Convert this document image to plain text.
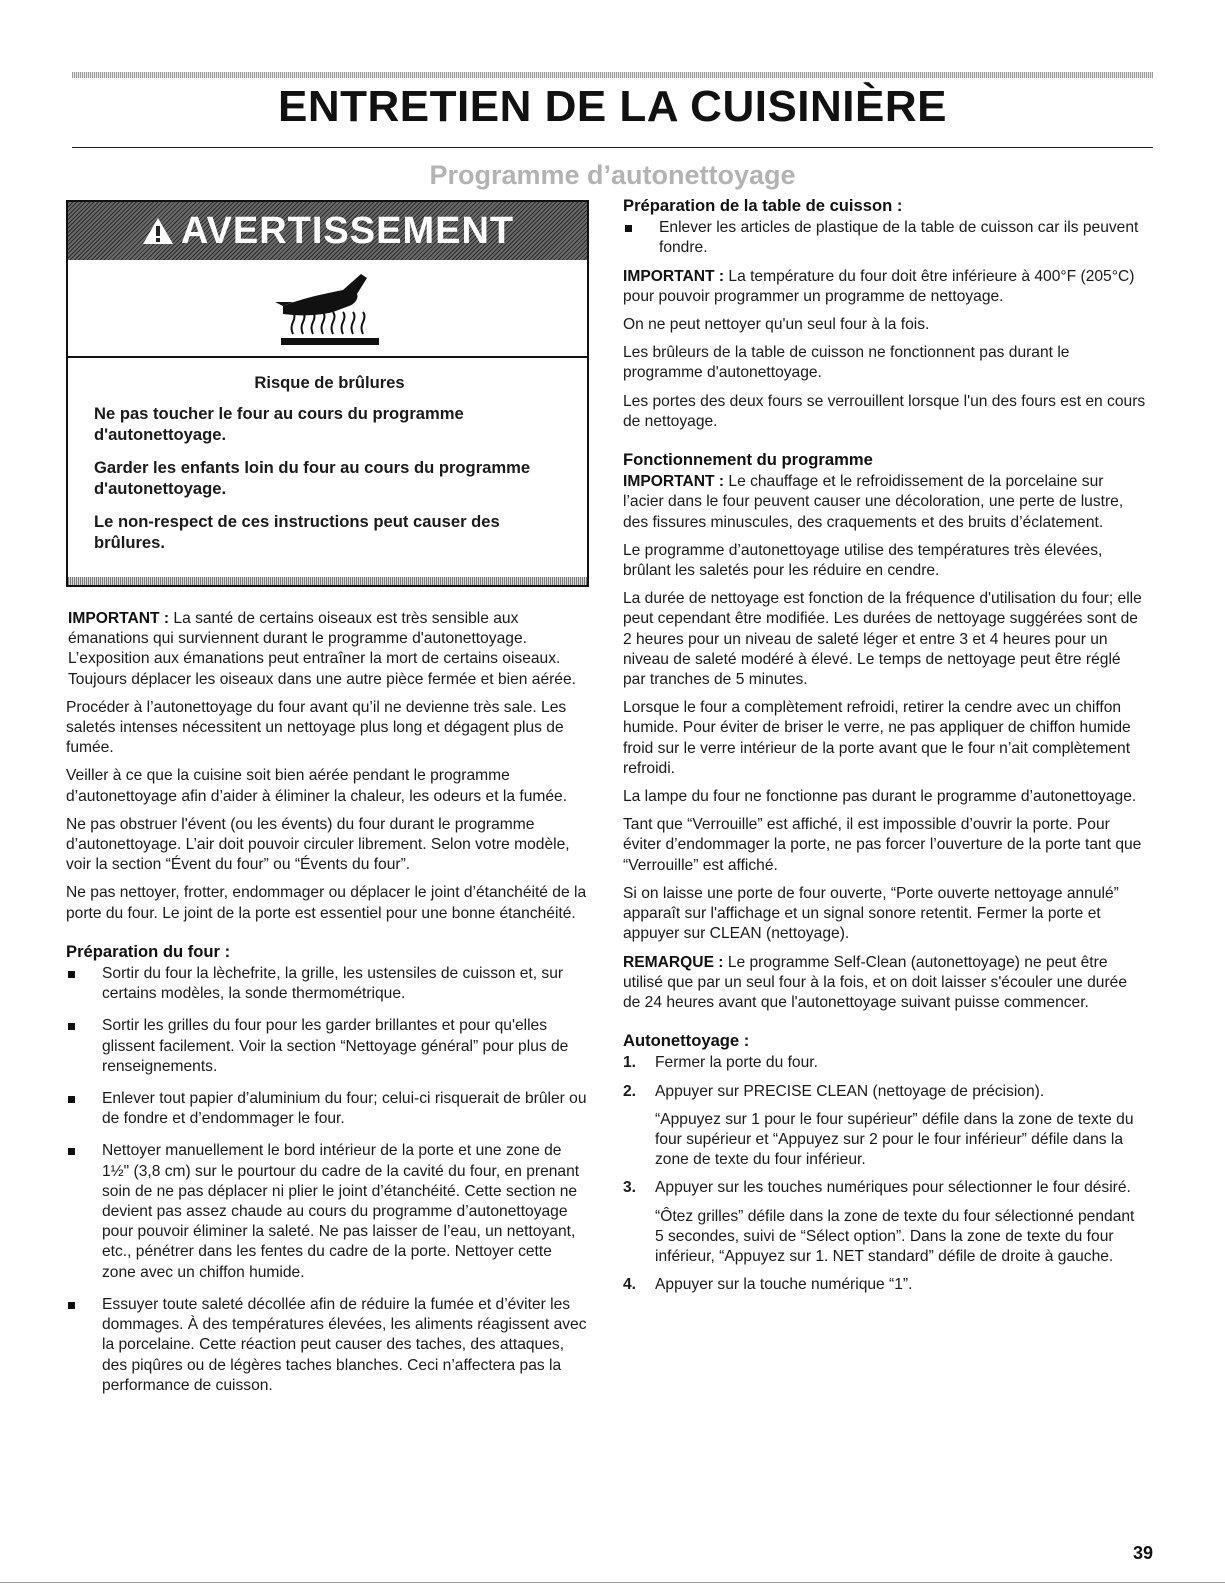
ENTRETIEN DE LA CUISINIÈRE
Programme d’autonettoyage
AVERTISSEMENT
Risque de brûlures

Ne pas toucher le four au cours du programme d'autonettoyage.

Garder les enfants loin du four au cours du programme d'autonettoyage.

Le non-respect de ces instructions peut causer des brûlures.

IMPORTANT : La santé de certains oiseaux est très sensible aux émanations qui surviennent durant le programme d'autonettoyage. L’exposition aux émanations peut entraîner la mort de certains oiseaux. Toujours déplacer les oiseaux dans une autre pièce fermée et bien aérée.

Procéder à l’autonettoyage du four avant qu’il ne devienne très sale. Les saletés intenses nécessitent un nettoyage plus long et dégagent plus de fumée.

Veiller à ce que la cuisine soit bien aérée pendant le programme d’autonettoyage afin d’aider à éliminer la chaleur, les odeurs et la fumée.

Ne pas obstruer l'évent (ou les évents) du four durant le programme d’autonettoyage. L’air doit pouvoir circuler librement. Selon votre modèle, voir la section “Évent du four” ou “Évents du four”.

Ne pas nettoyer, frotter, endommager ou déplacer le joint d’étanchéité de la porte du four. Le joint de la porte est essentiel pour une bonne étanchéité.

Préparation du four :
Sortir du four la lèchefrite, la grille, les ustensiles de cuisson et, sur certains modèles, la sonde thermométrique.
Sortir les grilles du four pour les garder brillantes et pour qu'elles glissent facilement. Voir la section “Nettoyage général” pour plus de renseignements.
Enlever tout papier d’aluminium du four; celui-ci risquerait de brûler ou de fondre et d’endommager le four.
Nettoyer manuellement le bord intérieur de la porte et une zone de 1½" (3,8 cm) sur le pourtour du cadre de la cavité du four, en prenant soin de ne pas déplacer ni plier le joint d’étanchéité. Cette section ne devient pas assez chaude au cours du programme d’autonettoyage pour pouvoir éliminer la saleté. Ne pas laisser de l’eau, un nettoyant, etc., pénétrer dans les fentes du cadre de la porte. Nettoyer cette zone avec un chiffon humide.
Essuyer toute saleté décollée afin de réduire la fumée et d’éviter les dommages. À des températures élevées, les aliments réagissent avec la porcelaine. Cette réaction peut causer des taches, des attaques, des piqûres ou de légères taches blanches. Ceci n’affectera pas la performance de cuisson.
Préparation de la table de cuisson :
Enlever les articles de plastique de la table de cuisson car ils peuvent fondre.

IMPORTANT : La température du four doit être inférieure à 400°F (205°C) pour pouvoir programmer un programme de nettoyage.

On ne peut nettoyer qu'un seul four à la fois.

Les brûleurs de la table de cuisson ne fonctionnent pas durant le programme d'autonettoyage.

Les portes des deux fours se verrouillent lorsque l'un des fours est en cours de nettoyage.

Fonctionnement du programme

IMPORTANT : Le chauffage et le refroidissement de la porcelaine sur l’acier dans le four peuvent causer une décoloration, une perte de lustre, des fissures minuscules, des craquements et des bruits d’éclatement.

Le programme d’autonettoyage utilise des températures très élevées, brûlant les saletés pour les réduire en cendre.

La durée de nettoyage est fonction de la fréquence d'utilisation du four; elle peut cependant être modifiée. Les durées de nettoyage suggérées sont de 2 heures pour un niveau de saleté léger et entre 3 et 4 heures pour un niveau de saleté modéré à élevé. Le temps de nettoyage peut être réglé par tranches de 5 minutes.

Lorsque le four a complètement refroidi, retirer la cendre avec un chiffon humide. Pour éviter de briser le verre, ne pas appliquer de chiffon humide froid sur le verre intérieur de la porte avant que le four n’ait complètement refroidi.

La lampe du four ne fonctionne pas durant le programme d’autonettoyage.

Tant que “Verrouille” est affiché, il est impossible d’ouvrir la porte. Pour éviter d’endommager la porte, ne pas forcer l’ouverture de la porte tant que “Verrouille” est affiché.

Si on laisse une porte de four ouverte, “Porte ouverte nettoyage annulé” apparaît sur l'affichage et un signal sonore retentit. Fermer la porte et appuyer sur CLEAN (nettoyage).

REMARQUE : Le programme Self-Clean (autonettoyage) ne peut être utilisé que par un seul four à la fois, et on doit laisser s'écouler une durée de 24 heures avant que l'autonettoyage suivant puisse commencer.

Autonettoyage :
1. Fermer la porte du four.
2. Appuyer sur PRECISE CLEAN (nettoyage de précision).
“Appuyez sur 1 pour le four supérieur” défile dans la zone de texte du four supérieur et “Appuyez sur 2 pour le four inférieur” défile dans la zone de texte du four inférieur.
3. Appuyer sur les touches numériques pour sélectionner le four désiré.
“Ôtez grilles” défile dans la zone de texte du four sélectionné pendant 5 secondes, suivi de “Sélect option”. Dans la zone de texte du four inférieur, “Appuyez sur 1. NET standard” défile de droite à gauche.
4. Appuyer sur la touche numérique “1”.
39
